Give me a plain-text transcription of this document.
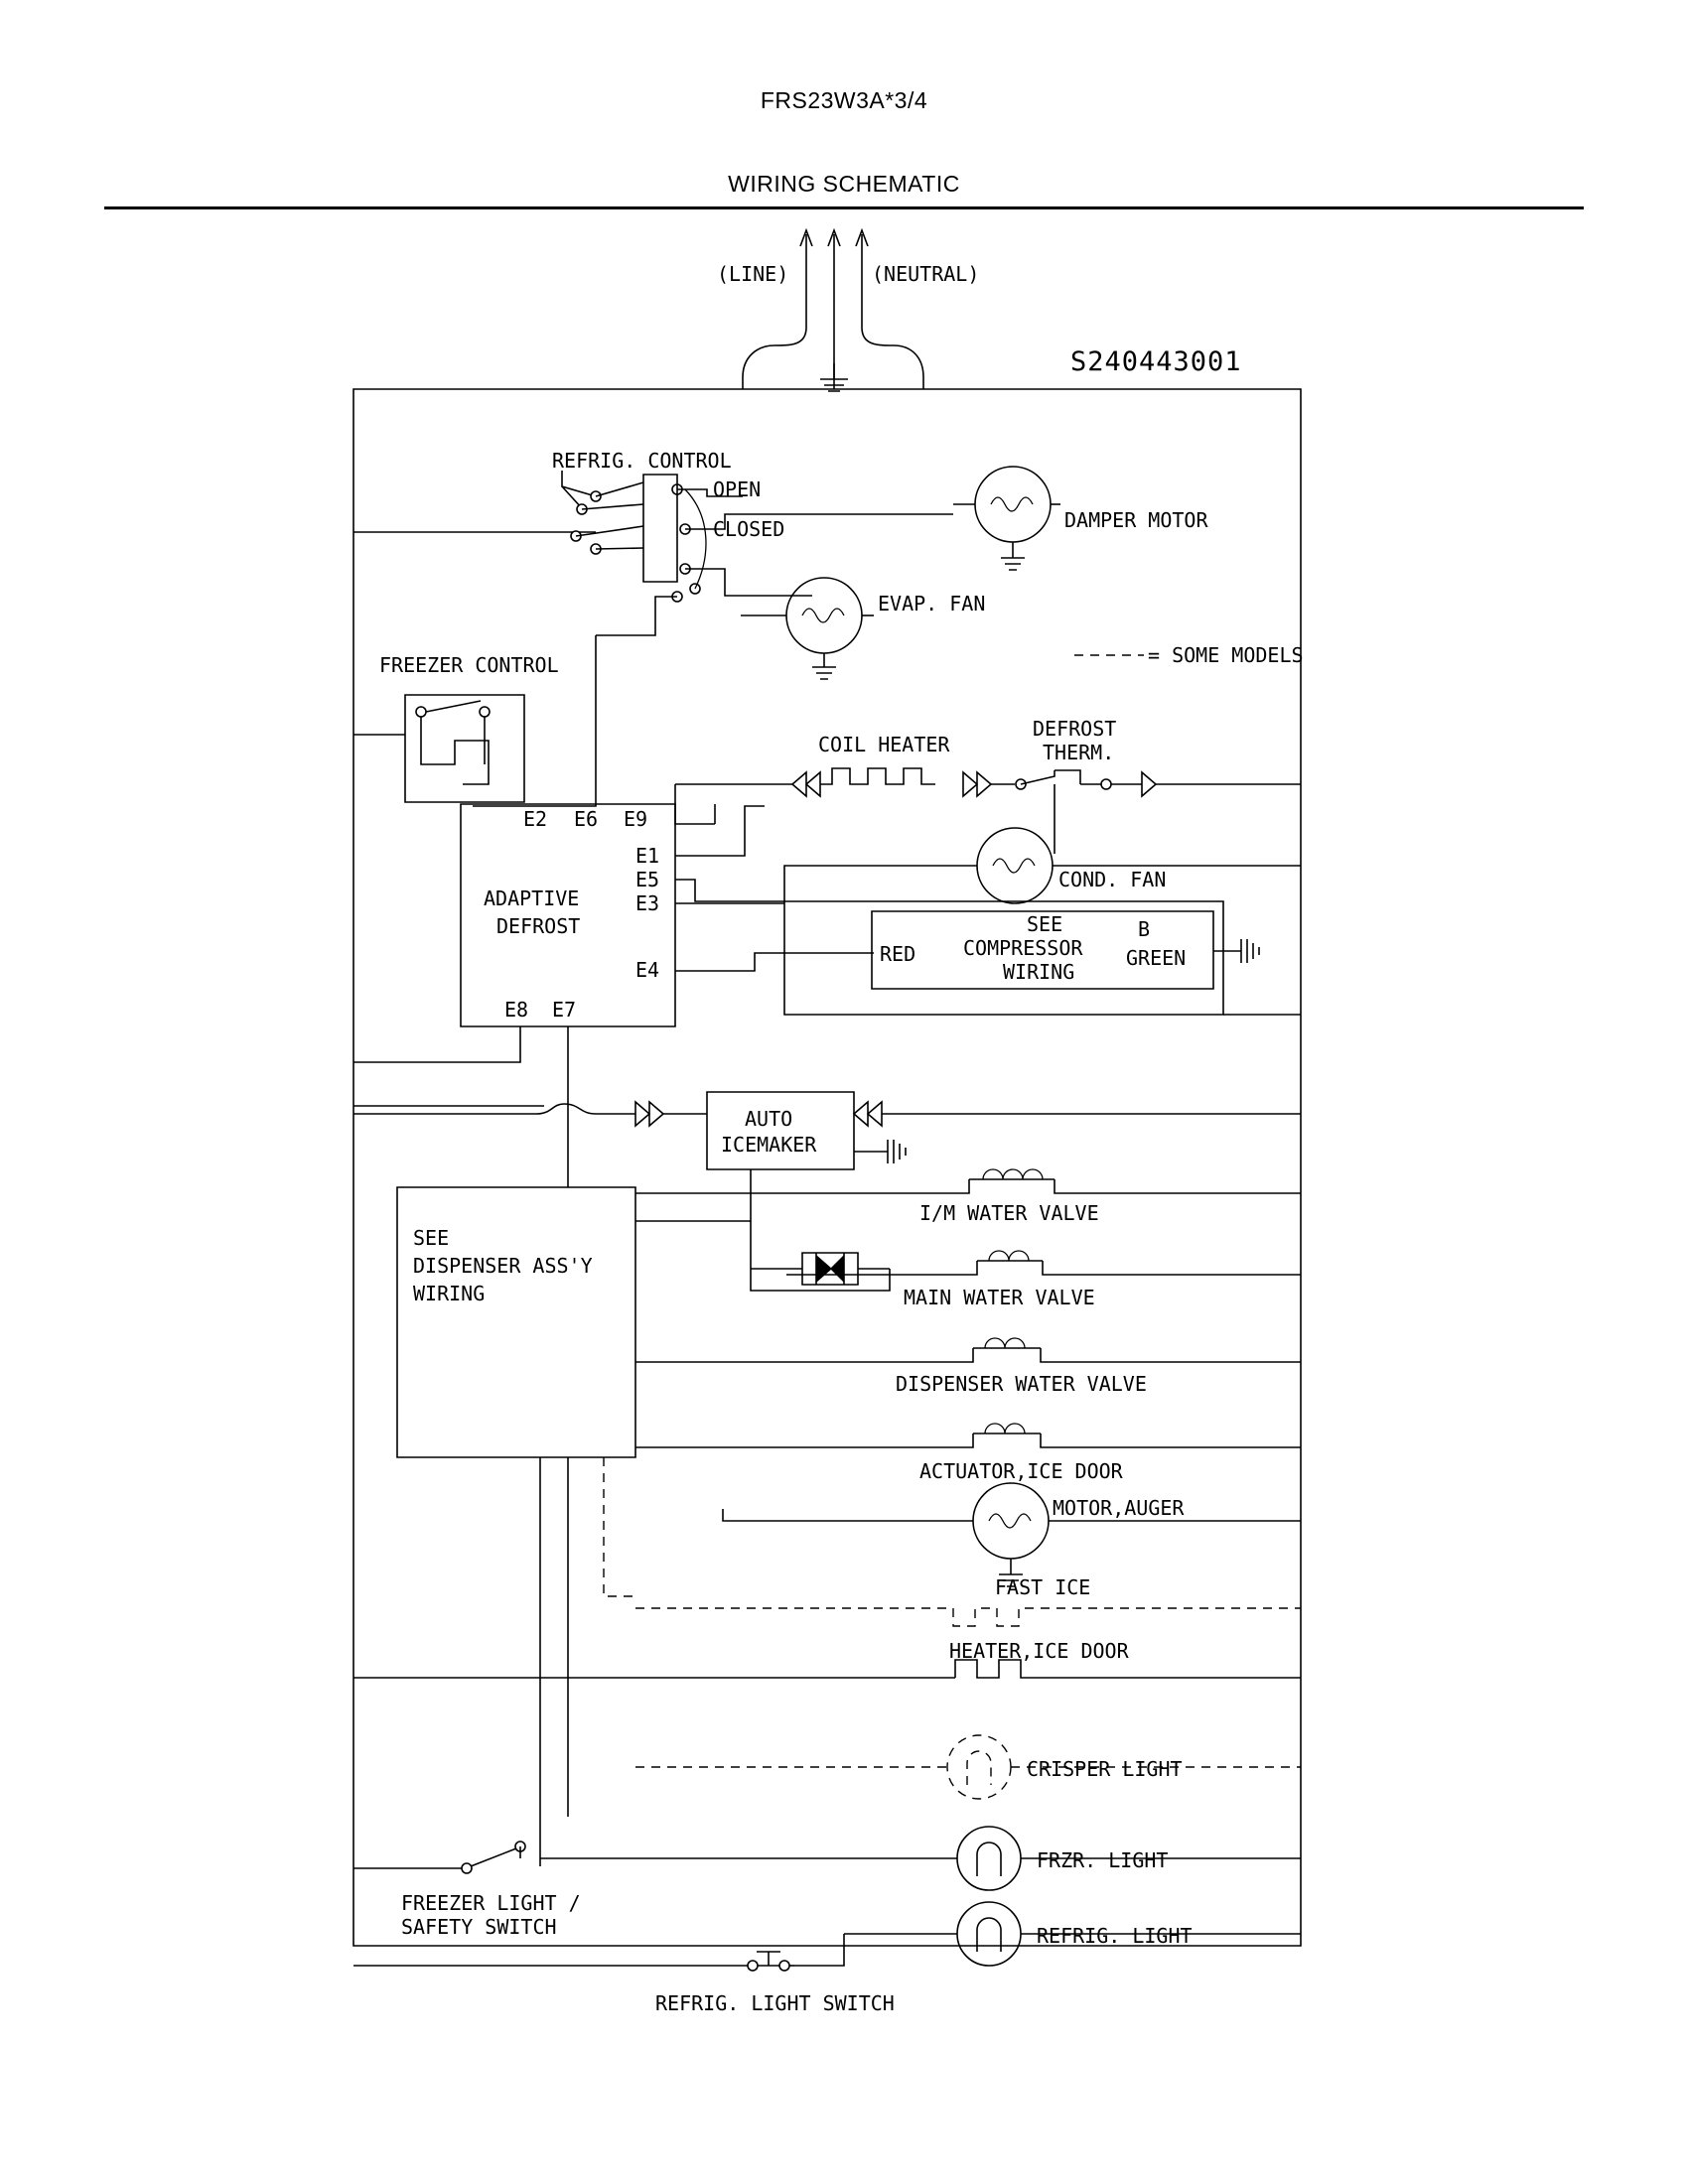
FRS23W3A*3/4
WIRING SCHEMATIC
(LINE)	(NEUTRAL)
S240443001
REFRIG. CONTROL
OPEN
CLOSED	DAMPER MOTOR
EVAP. FAN
= SOME MODELS
FREEZER CONTROL
COIL HEATER
DEFROST
THERM.
E2 E6 E9
E1
E5
E3
E4
E8 E7
ADAPTIVE
DEFROST
COND. FAN
SEE
COMPRESSOR
WIRING
RED
B
GREEN
AUTO
ICEMAKER
SEE
DISPENSER ASS'Y
WIRING
I/M WATER VALVE
MAIN WATER VALVE
DISPENSER WATER VALVE
ACTUATOR,ICE DOOR
MOTOR,AUGER
FAST ICE
HEATER,ICE DOOR
CRISPER LIGHT
FRZR. LIGHT
FREEZER LIGHT /
SAFETY SWITCH	REFRIG. LIGHT
REFRIG. LIGHT SWITCH
